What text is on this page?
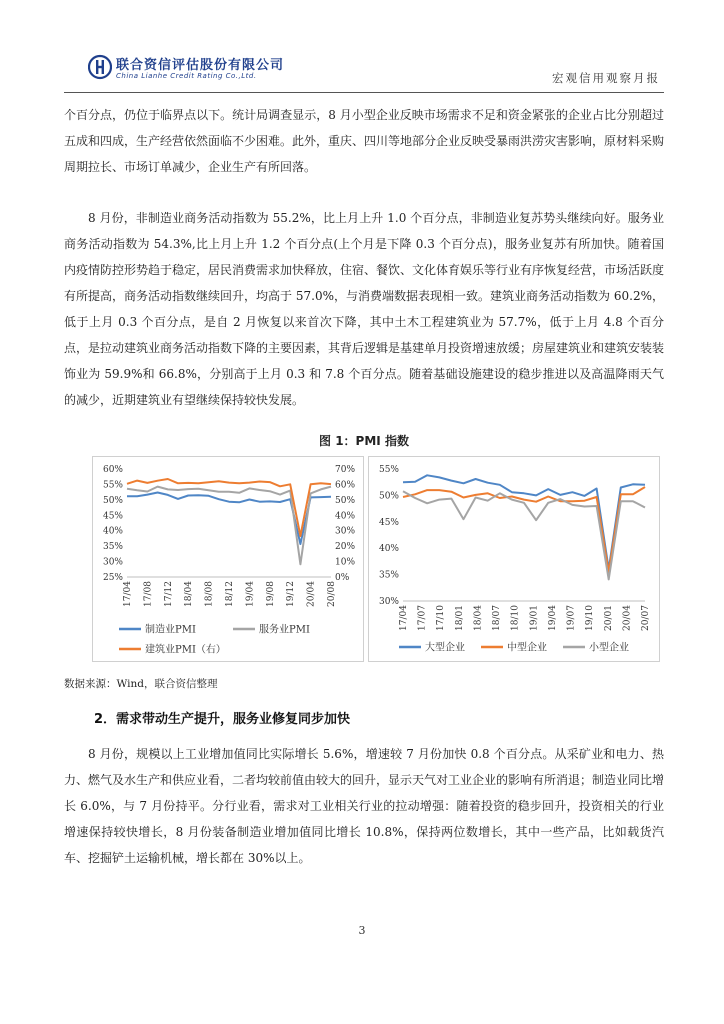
联合资信评估股份有限公司
China Lianhe Credit Rating Co.,Ltd.	宏观信用观察月报

个百分点，仍位于临界点以下。统计局调查显示，8 月小型企业反映市场需求不足和资金紧张的企业占比分别超过五成和四成，生产经营依然面临不少困难。此外，重庆、四川等地部分企业反映受暴雨洪涝灾害影响，原材料采购周期拉长、市场订单减少，企业生产有所回落。

8 月份，非制造业商务活动指数为 55.2%，比上月上升 1.0 个百分点，非制造业复苏势头继续向好。服务业商务活动指数为 54.3%,比上月上升 1.2 个百分点(上个月是下降 0.3 个百分点)，服务业复苏有所加快。随着国内疫情防控形势趋于稳定，居民消费需求加快释放，住宿、餐饮、文化体育娱乐等行业有序恢复经营，市场活跃度有所提高，商务活动指数继续回升，均高于 57.0%，与消费端数据表现相一致。建筑业商务活动指数为 60.2%，低于上月 0.3 个百分点，是自 2 月恢复以来首次下降，其中土木工程建筑业为 57.7%，低于上月 4.8 个百分点，是拉动建筑业商务活动指数下降的主要因素，其背后逻辑是基建单月投资增速放缓；房屋建筑业和建筑安装装饰业为 59.9%和 66.8%，分别高于上月 0.3 和 7.8 个百分点。随着基础设施建设的稳步推进以及高温降雨天气的减少，近期建筑业有望继续保持较快发展。

图 1：PMI 指数
25%
30%
35%
40%
45%
50%
55%
60%
0%
10%
20%
30%
40%
50%
60%
70%
17/04 17/08 17/12 18/04 18/08 18/12 19/04 19/08 19/12 20/04 20/08
制造业PMI	服务业PMI
建筑业PMI（右）
30%
35%
40%
45%
50%
55%
17/04 17/07 17/10 18/01 18/04 18/07 18/10 19/01 19/04 19/07 19/10 20/01 20/04 20/07
大型企业	中型企业	小型企业
数据来源：Wind，联合资信整理
2．需求带动生产提升，服务业修复同步加快

8 月份，规模以上工业增加值同比实际增长 5.6%，增速较 7 月份加快 0.8 个百分点。从采矿业和电力、热力、燃气及水生产和供应业看，二者均较前值由较大的回升，显示天气对工业企业的影响有所消退；制造业同比增长 6.0%，与 7 月份持平。分行业看，需求对工业相关行业的拉动增强：随着投资的稳步回升，投资相关的行业增速保持较快增长，8 月份装备制造业增加值同比增长 10.8%，保持两位数增长，其中一些产品，比如载货汽车、挖掘铲土运输机械，增长都在 30%以上。

3
